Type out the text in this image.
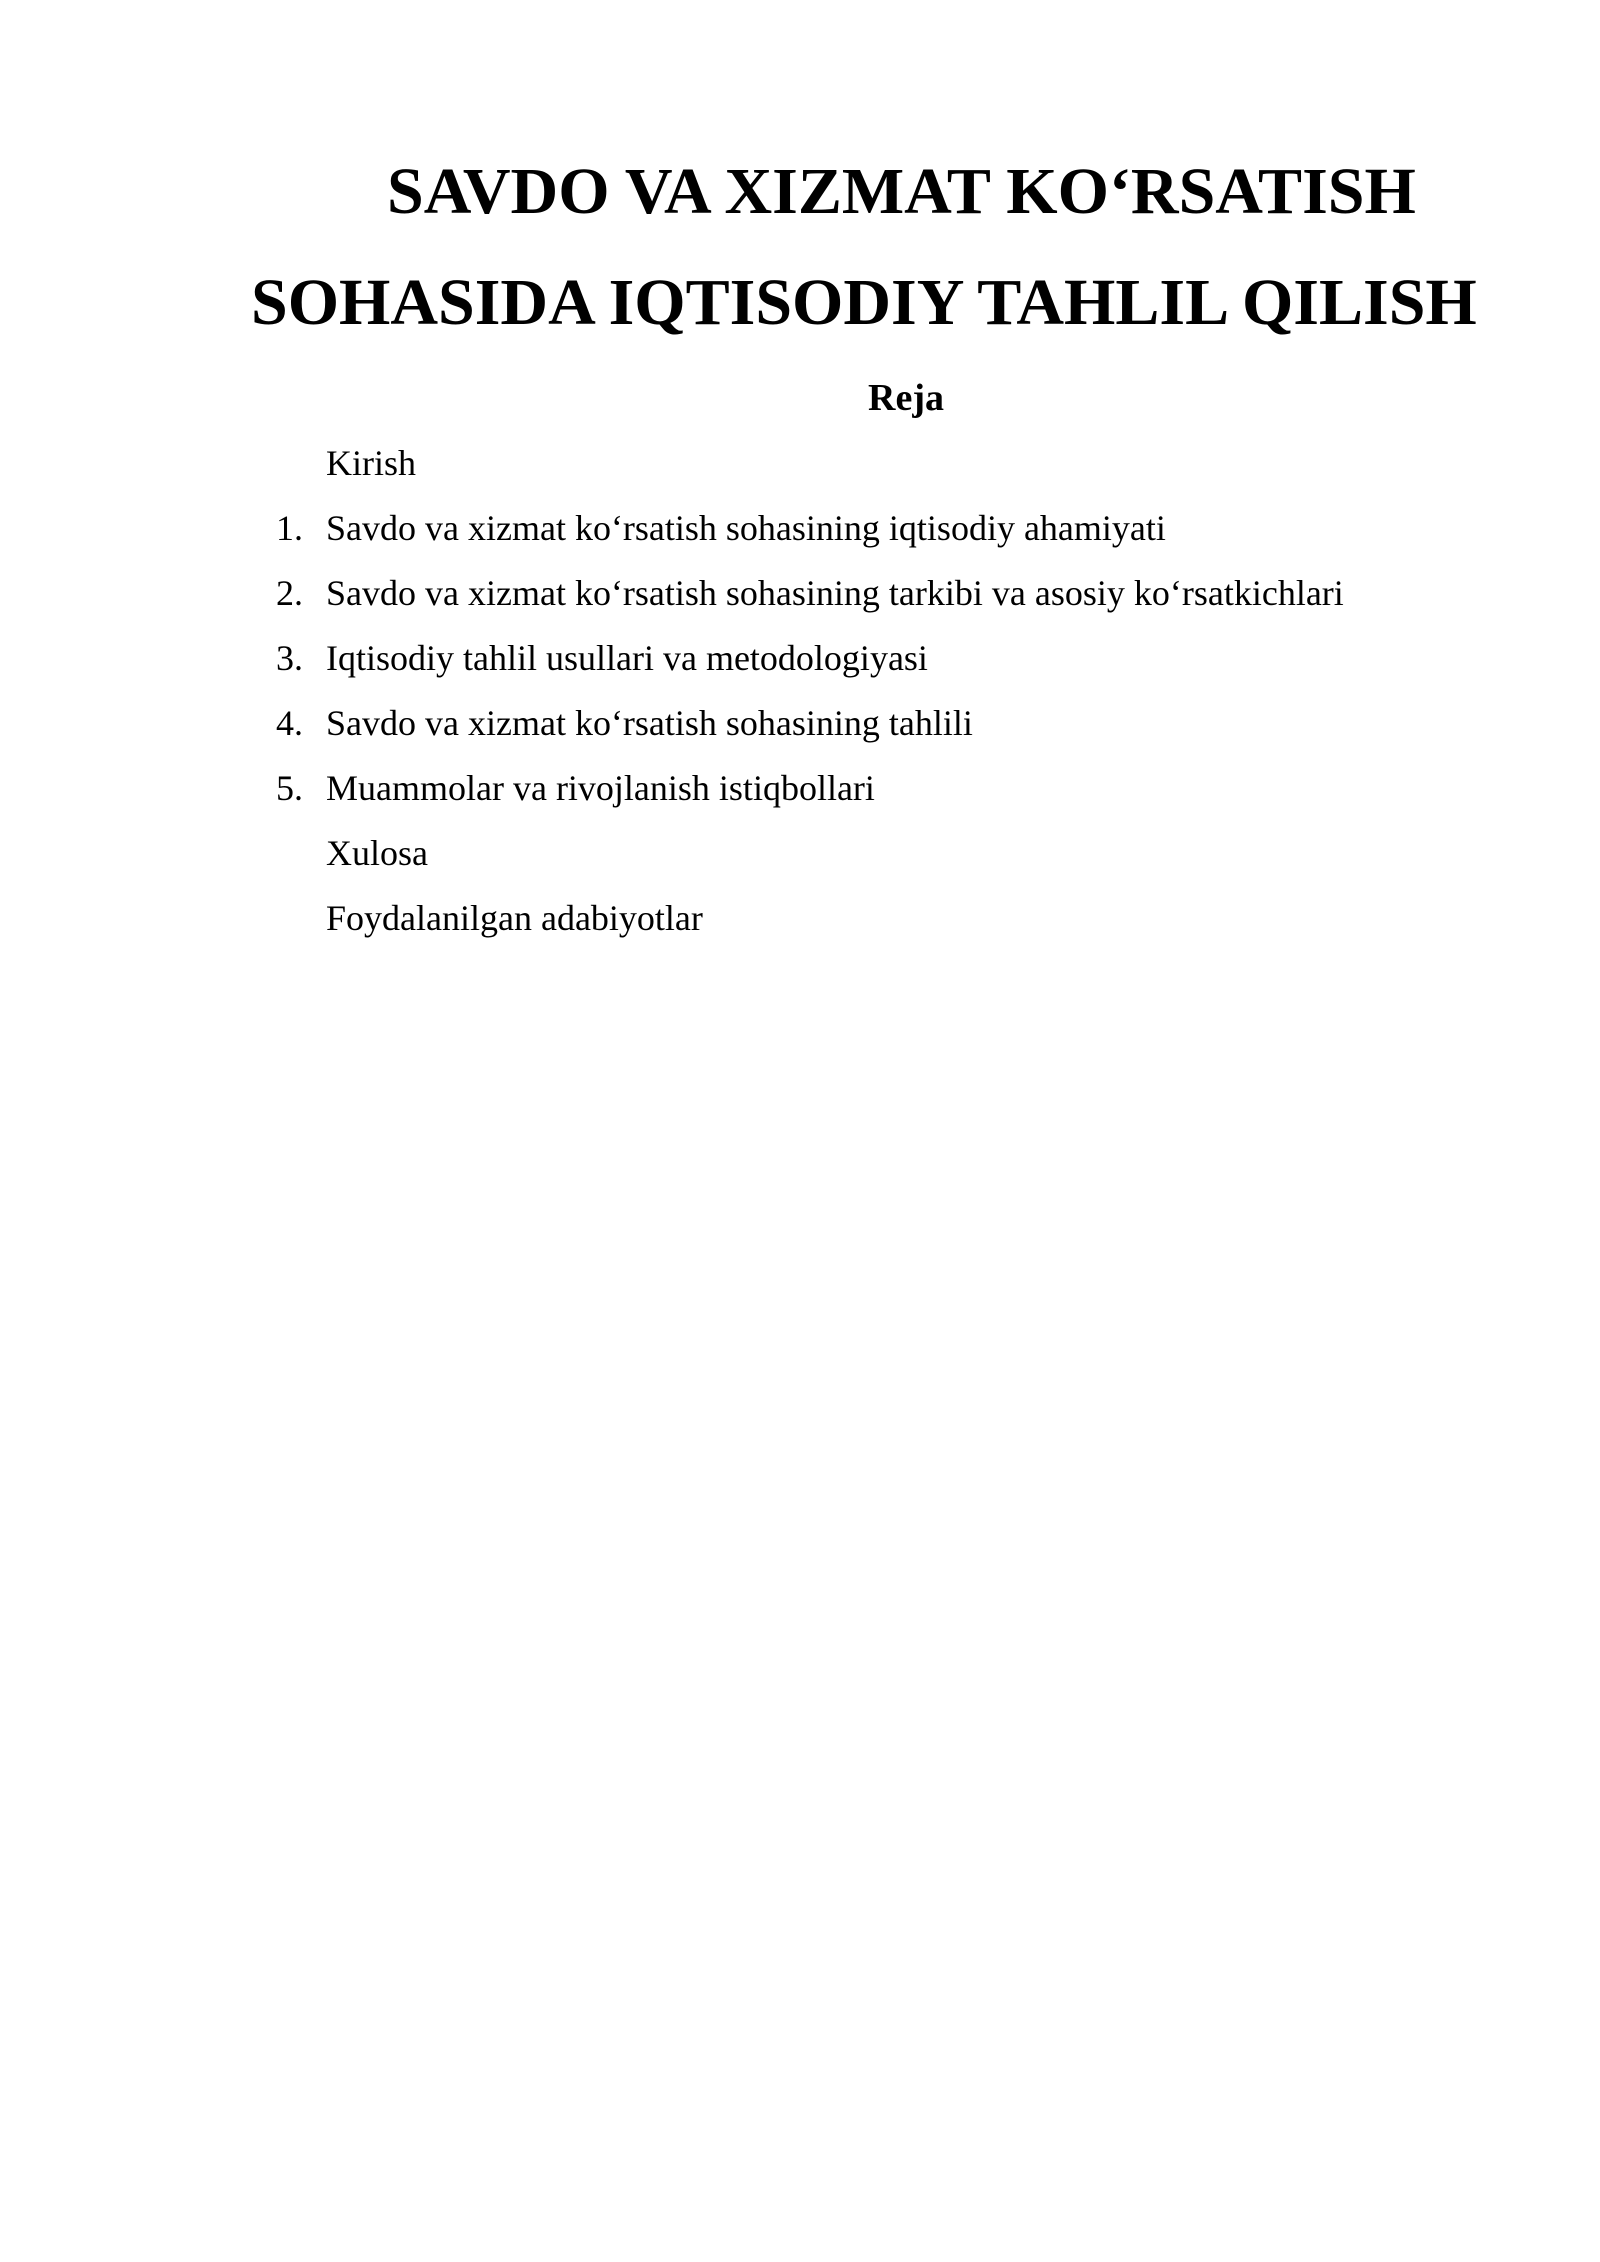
SAVDO VA XIZMAT KO‘RSATISH
SOHASIDA IQTISODIY TAHLIL QILISH
Reja
Kirish
1. Savdo va xizmat ko‘rsatish sohasining iqtisodiy ahamiyati
2. Savdo va xizmat ko‘rsatish sohasining tarkibi va asosiy ko‘rsatkichlari
3. Iqtisodiy tahlil usullari va metodologiyasi
4. Savdo va xizmat ko‘rsatish sohasining tahlili
5. Muammolar va rivojlanish istiqbollari
Xulosa
Foydalanilgan adabiyotlar
